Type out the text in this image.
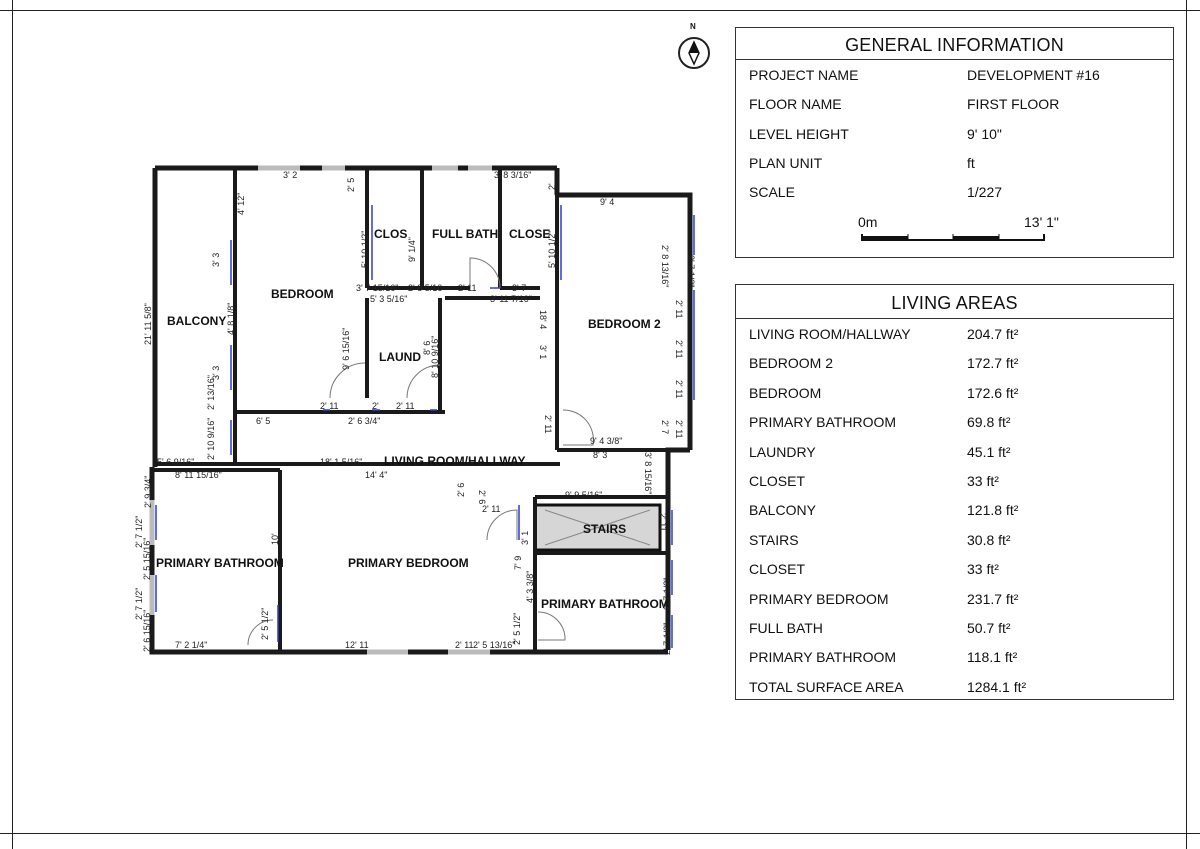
N
BEDROOM
CLOS FULL BATH CLOSE
BEDROOM 2
BALCONY
LAUND
LIVING ROOM/HALLWAY
PRIMARY BATHROOM	PRIMARY BEDROOM
STAIRS
PRIMARY BATHROOM
3' 2	3' 8 3/16"
9' 4
3' 7 15/16" -2' 8 5/16 2' 11	3' 7
5' 3 5/16"	3' 11 7/16"
2' 11	2' 2' 11
6' 5	2' 6 3/4"
9' 4 3/8"
8' 3
5' 6 9/16"	18' 1 5/16"
8' 11 15/16"	14' 4"
9' 9 5/16"
2' 11
7' 2 1/4"	12' 11	2' 11 2' 5 13/16"
2' 5
4' 12"
2'
3' 3	5' 10 1/2"	9' 1/4"	5' 10 1/2"
2' 7 1/2"
2' 8 13/16"
21' 11 5/8"	4' 8 1/8"	18' 4
3' 1
2' 11
9' 6 15/16"	8' 6
8' 10 9/16"
2' 11
2' 13/16"
3' 3
2' 11
2' 11
2' 10 9/16"	2' 11
2' 7
3' 8 15/16"
2' 9 3/4"	2' 6
2' 6
2' 7 1/2"	2' 11
3' 1
2' 5 15/16"	10'
7' 9
4' 3 3/8"
2' 7 1/2"	2' 7 1/2"
2' 5 1/2"	2' 5 1/2"	2' 7 1/2"
2' 6 15/16"
GENERAL INFORMATION
PROJECT NAME	DEVELOPMENT #16
FLOOR NAME	FIRST FLOOR
LEVEL HEIGHT	9' 10"
PLAN UNIT	ft
SCALE	1/227
0m	13' 1"
LIVING AREAS
LIVING ROOM/HALLWAY	204.7 ft²
BEDROOM 2	172.7 ft²
BEDROOM	172.6 ft²
PRIMARY BATHROOM	69.8 ft²
LAUNDRY	45.1 ft²
CLOSET	33 ft²
BALCONY	121.8 ft²
STAIRS	30.8 ft²
CLOSET	33 ft²
PRIMARY BEDROOM	231.7 ft²
FULL BATH	50.7 ft²
PRIMARY BATHROOM	118.1 ft²
TOTAL SURFACE AREA	1284.1 ft²
